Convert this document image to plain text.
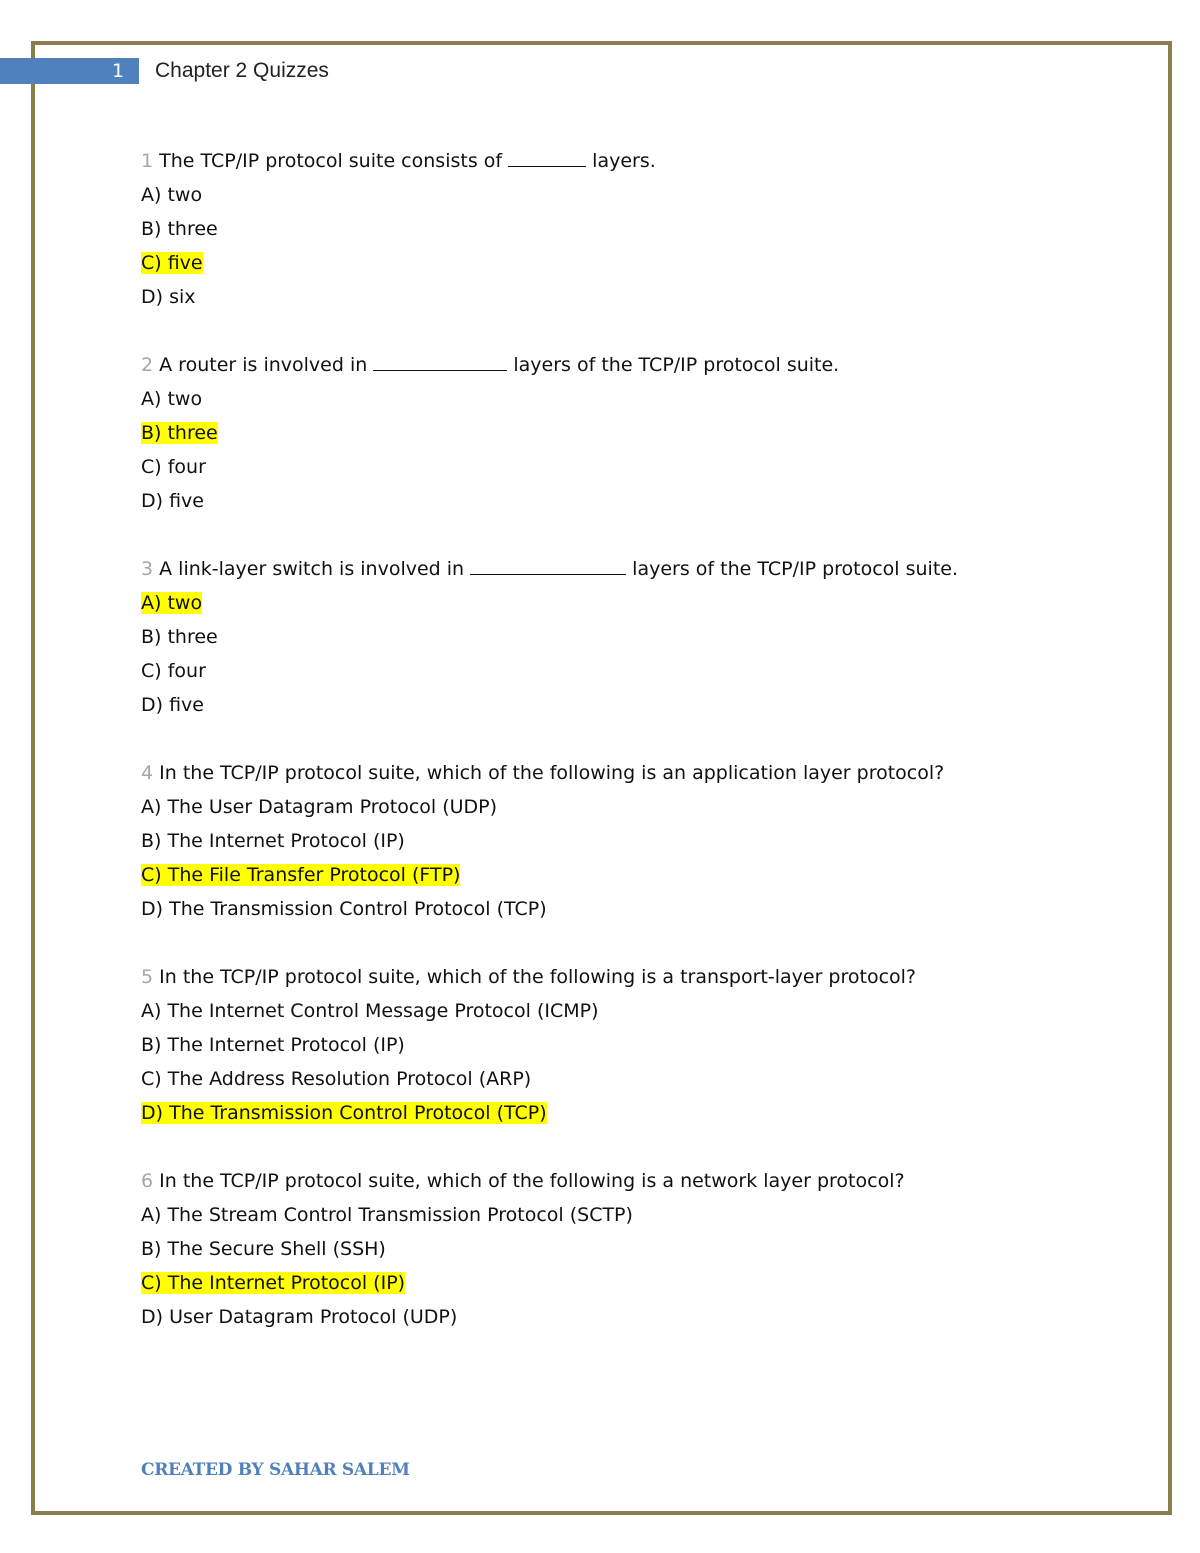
1 Chapter 2 Quizzes
1 The TCP/IP protocol suite consists of	layers.
A) two
B) three
C) five
D) six
2 A router is involved in	layers of the TCP/IP protocol suite.
A) two
B) three
C) four
D) five
3 A link-layer switch is involved in	layers of the TCP/IP protocol suite.
A) two
B) three
C) four
D) five
4 In the TCP/IP protocol suite, which of the following is an application layer protocol?
A) The User Datagram Protocol (UDP)
B) The Internet Protocol (IP)
C) The File Transfer Protocol (FTP)
D) The Transmission Control Protocol (TCP)
5 In the TCP/IP protocol suite, which of the following is a transport-layer protocol?
A) The Internet Control Message Protocol (ICMP)
B) The Internet Protocol (IP)
C) The Address Resolution Protocol (ARP)
D) The Transmission Control Protocol (TCP)
6 In the TCP/IP protocol suite, which of the following is a network layer protocol?
A) The Stream Control Transmission Protocol (SCTP)
B) The Secure Shell (SSH)
C) The Internet Protocol (IP)
D) User Datagram Protocol (UDP)
CREATED BY SAHAR SALEM
